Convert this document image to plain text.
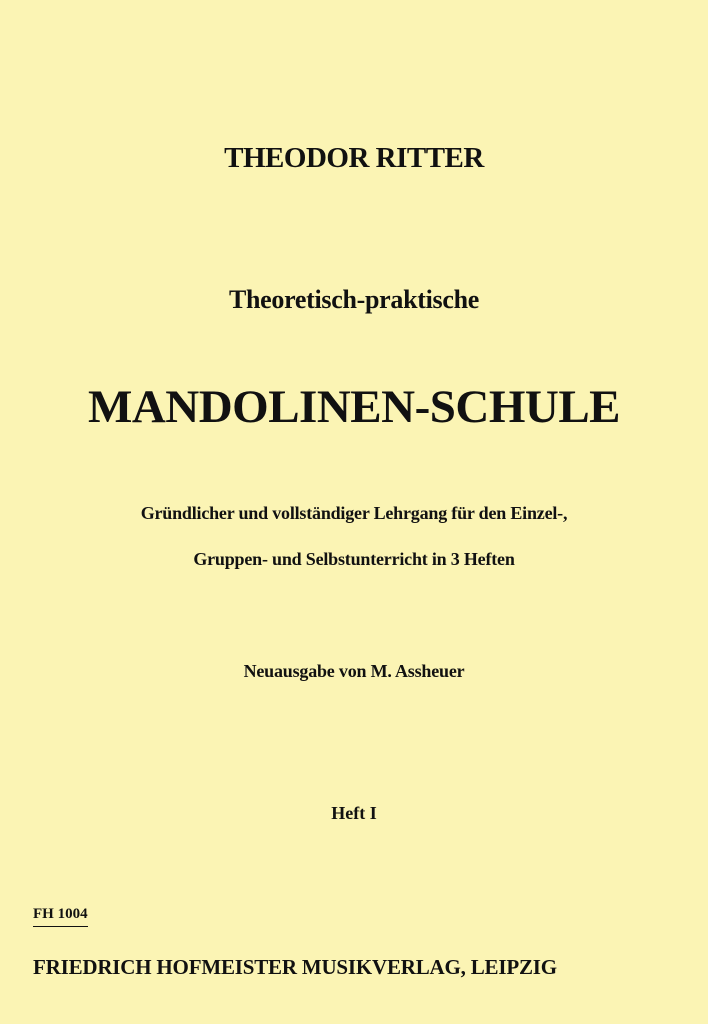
THEODOR RITTER
Theoretisch-praktische
MANDOLINEN-SCHULE
Gründlicher und vollständiger Lehrgang für den Einzel-,
Gruppen- und Selbstunterricht in 3 Heften
Neuausgabe von M. Assheuer
Heft I
FH 1004
FRIEDRICH HOFMEISTER MUSIKVERLAG, LEIPZIG
